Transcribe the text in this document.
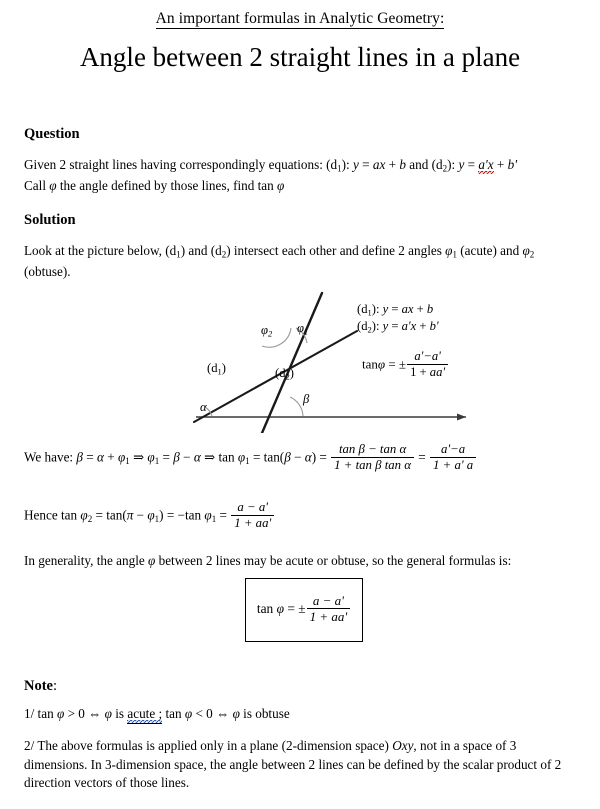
An important formulas in Analytic Geometry:
Angle between 2 straight lines in a plane
Question
Given 2 straight lines having correspondingly equations: $(d_1)$: y = ax + b and $(d_2)$: y = a'x + b'
Call φ the angle defined by those lines, find tan φ
Solution
Look at the picture below, $(d_1)$ and $(d_2)$ intersect each other and define 2 angles $\varphi_1$ (acute) and $\varphi_2$ (obtuse).
α
β
$\varphi_1$
$\varphi_2$
$(d_1)$	$(d_2)$
$(d_1)$: y = ax + b
$(d_2)$: y = a'x + b'
tanφ = ± $\frac{a'-a'}{1 + aa'}$
We have: $\beta = \alpha + \varphi_1$ ⇒ $\varphi_1 = \beta - \alpha$ ⇒ $\tan \varphi_1 = \tan(\beta - \alpha) = \frac{\text{tan β − tan α}}{\text{1 + tan β tan α}} = \frac{a'-a}{1 + a' a}$
Hence $\tan \varphi_2 = \tan(\pi - \varphi_1) = -\tan$ $\varphi_1 = \frac{a - a'}{1 + aa'}$
In generality, the angle φ between 2 lines may be acute or obtuse, so the general formulas is:
tan φ = ± $\frac{a - a'}{1 + aa'}$
Note:
1/ tan φ > 0 ⇔ φ is acute ; tan φ < 0 ⇔ φ is obtuse
2/ The above formulas is applied only in a plane (2-dimension space) Oxy, not in a space of 3 dimensions. In 3-dimension space, the angle between 2 lines can be defined by the scalar product of 2 direction vectors of those lines.
